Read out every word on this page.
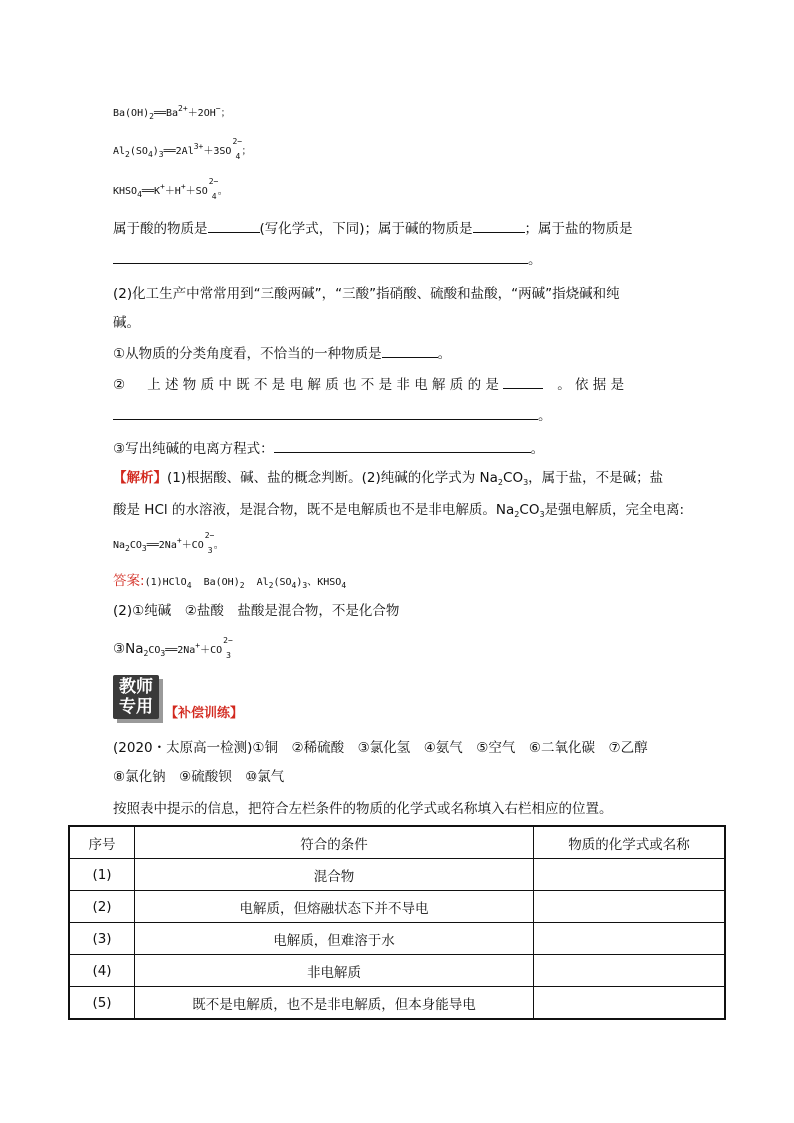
$Ba(OH)_2══Ba^{2+}+2OH^-$；
$Al_2(SO_4)_3══2Al^{3+}+3SO$
2−
4 ；
$KHSO_4══K^++H^++SO$
2−
4 。
属于酸的物质是	(写化学式，下同)；属于碱的物质是	；属于盐的物质是
。
(2)化工生产中常常用到“三酸两碱”，“三酸”指硝酸、硫酸和盐酸，“两碱”指烧碱和纯
碱。
①从物质的分类角度看，不恰当的一种物质是	。
②　上述物质中既不是电解质也不是非电解质的是	。依据是
。
③写出纯碱的电离方程式：	。
【解析】(1)根据酸、碱、盐的概念判断。(2)纯碱的化学式为 $Na_2CO_3$，属于盐，不是碱；盐
酸是 HCl 的水溶液，是混合物，既不是电解质也不是非电解质。$Na_2CO_3$是强电解质，完全电离:
$Na_2CO_3══2Na^++CO$
2−
3 。
答案:(1)HClO$_4$ $Ba(OH)_2$ $Al_2(SO_4)_3$、$KHSO_4$
(2)①纯碱　②盐酸　盐酸是混合物，不是化合物
$③Na_2CO_3══2Na^++CO$
2−
3
教师
专用 【补偿训练】
(2020・太原高一检测)①铜　②稀硫酸　③氯化氢　④氨气　⑤空气　⑥二氧化碳　⑦乙醇
⑧氯化钠　⑨硫酸钡　⑩氯气
按照表中提示的信息，把符合左栏条件的物质的化学式或名称填入右栏相应的位置。
序号	符合的条件	物质的化学式或名称
(1)	混合物	
(2)	电解质，但熔融状态下并不导电	
(3)	电解质，但难溶于水	
(4)	非电解质	
(5)	既不是电解质，也不是非电解质，但本身能导电	
